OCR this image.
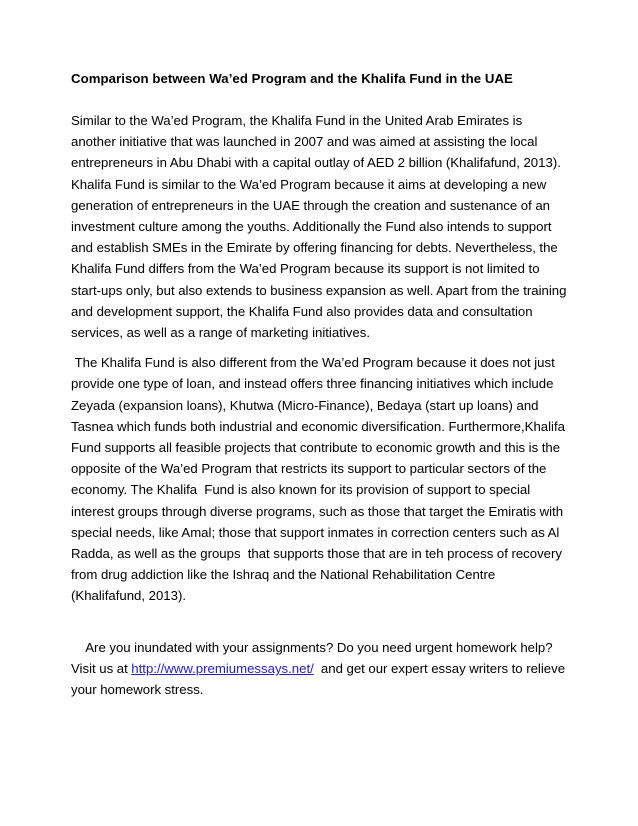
Comparison between Wa’ed Program and the Khalifa Fund in the UAE

Similar to the Wa’ed Program, the Khalifa Fund in the United Arab Emirates is another initiative that was launched in 2007 and was aimed at assisting the local entrepreneurs in Abu Dhabi with a capital outlay of AED 2 billion (Khalifafund, 2013). Khalifa Fund is similar to the Wa’ed Program because it aims at developing a new generation of entrepreneurs in the UAE through the creation and sustenance of an investment culture among the youths. Additionally the Fund also intends to support and establish SMEs in the Emirate by offering financing for debts. Nevertheless, the Khalifa Fund differs from the Wa’ed Program because its support is not limited to start-ups only, but also extends to business expansion as well. Apart from the training and development support, the Khalifa Fund also provides data and consultation services, as well as a range of marketing initiatives.

The Khalifa Fund is also different from the Wa’ed Program because it does not just provide one type of loan, and instead offers three financing initiatives which include Zeyada (expansion loans), Khutwa (Micro-Finance), Bedaya (start up loans) and Tasnea which funds both industrial and economic diversification. Furthermore,Khalifa Fund supports all feasible projects that contribute to economic growth and this is the opposite of the Wa’ed Program that restricts its support to particular sectors of the economy. The Khalifa  Fund is also known for its provision of support to special interest groups through diverse programs, such as those that target the Emiratis with special needs, like Amal; those that support inmates in correction centers such as Al Radda, as well as the groups  that supports those that are in teh process of recovery from drug addiction like the Ishraq and the National Rehabilitation Centre (Khalifafund, 2013).

Are you inundated with your assignments? Do you need urgent homework help? Visit us at http://www.premiumessays.net/  and get our expert essay writers to relieve your homework stress.
